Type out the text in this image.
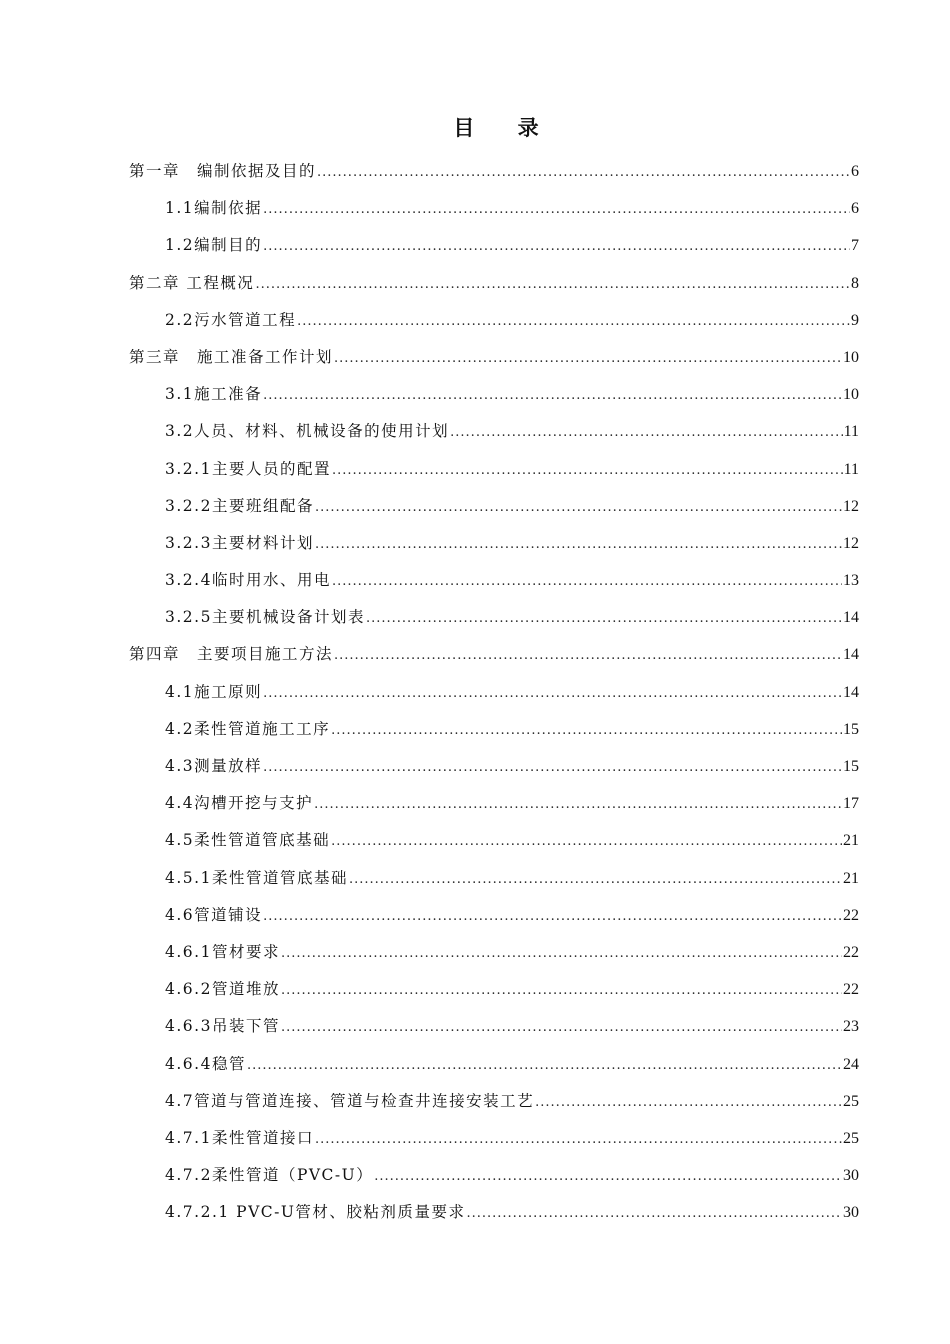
目 录
第一章　编制依据及目的 .....	6
1.1编制依据 .....	6
1.2编制目的 .....	7
第二章 工程概况 .....	8
2.2污水管道工程 .....	9
第三章　施工准备工作计划 .....	10
3.1施工准备 .....	10
3.2人员、材料、机械设备的使用计划 .....	11
3.2.1主要人员的配置 .....	11
3.2.2主要班组配备 .....	12
3.2.3主要材料计划 .....	12
3.2.4临时用水、用电 .....	13
3.2.5主要机械设备计划表 .....	14
第四章　主要项目施工方法 .....	14
4.1施工原则 .....	14
4.2柔性管道施工工序 .....	15
4.3测量放样 .....	15
4.4沟槽开挖与支护 .....	17
4.5柔性管道管底基础 .....	21
4.5.1柔性管道管底基础 .....	21
4.6管道铺设 .....	22
4.6.1管材要求 .....	22
4.6.2管道堆放 .....	22
4.6.3吊装下管 .....	23
4.6.4稳管 .....	24
4.7管道与管道连接、管道与检查井连接安装工艺 .....	25
4.7.1柔性管道接口 .....	25
4.7.2柔性管道（PVC-U） .....	30
4.7.2.1 PVC-U管材、胶粘剂质量要求 .....	30
